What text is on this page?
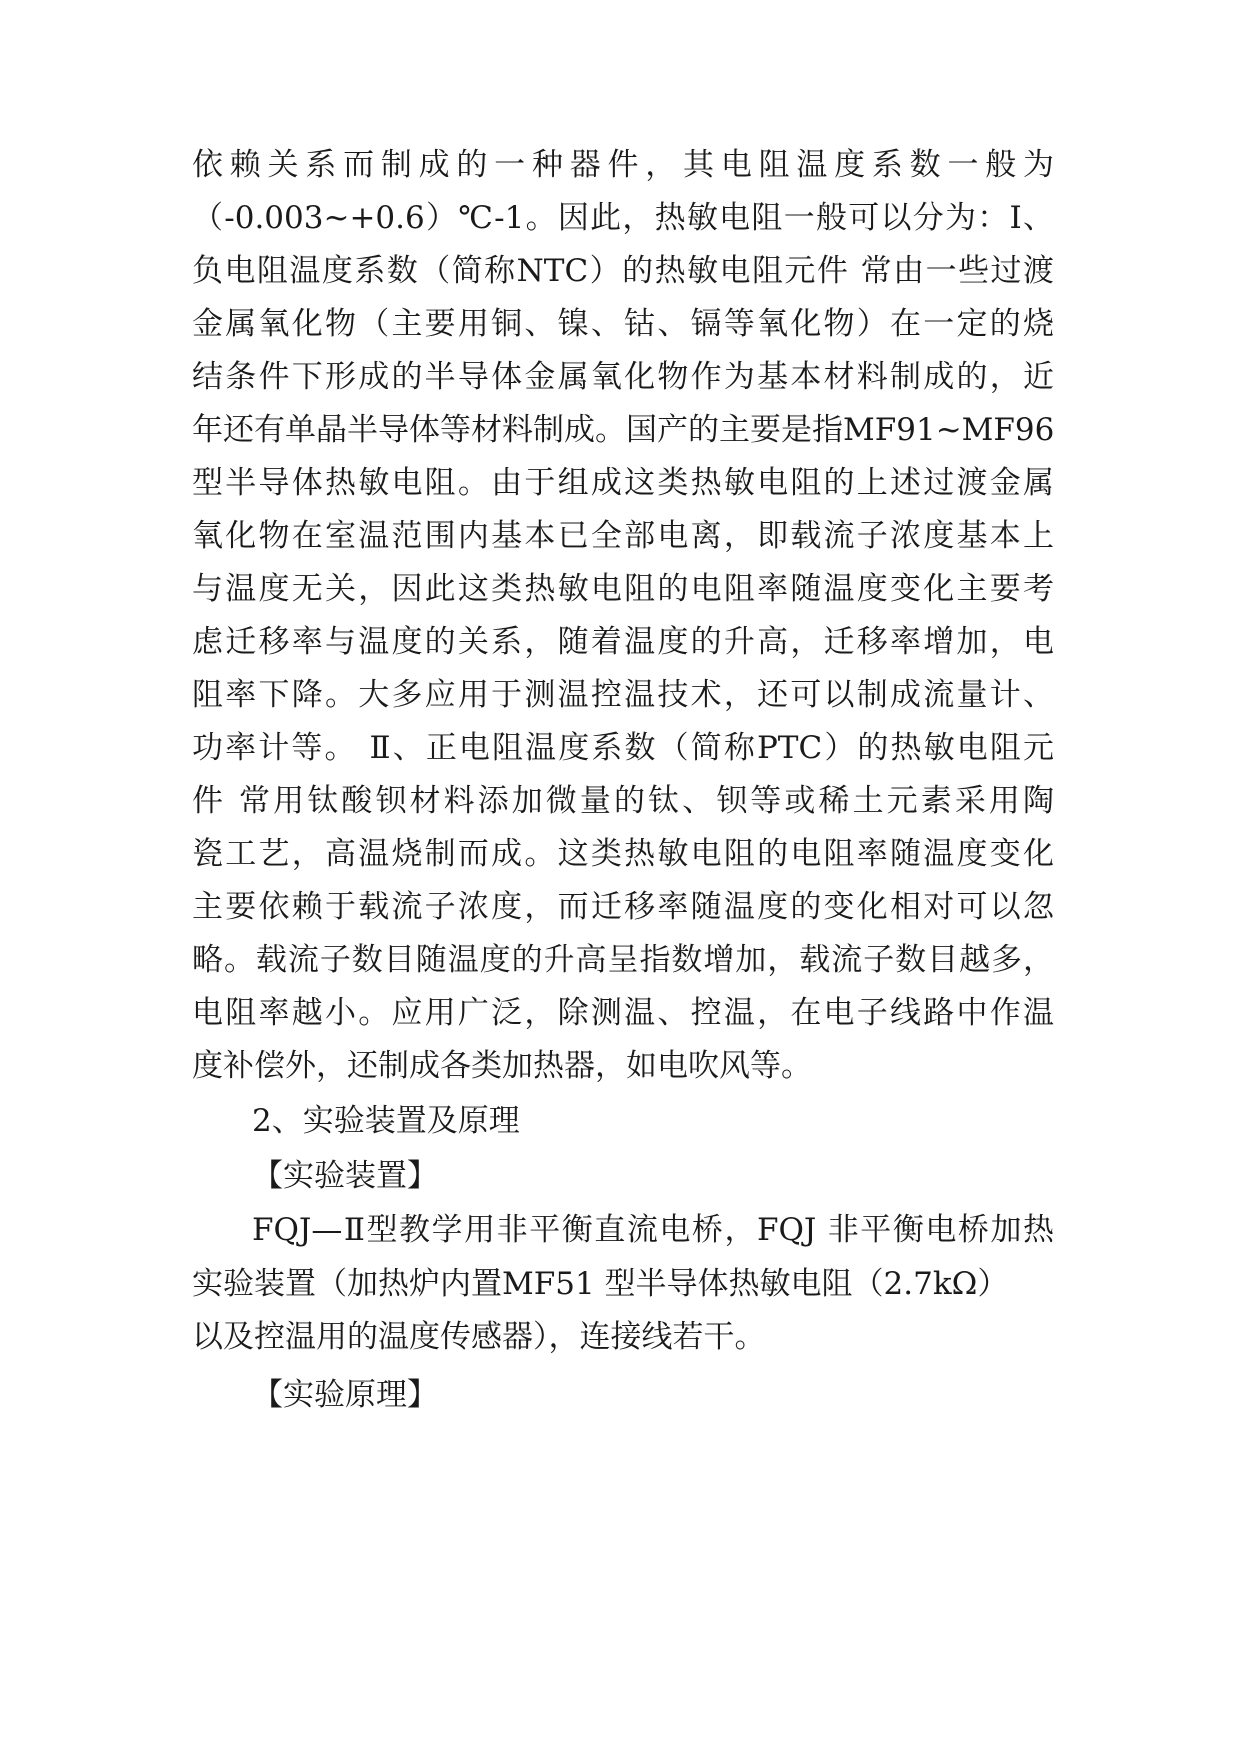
依赖关系而制成的一种器件，其电阻温度系数一般为
（-0.003~+0.6）℃-1。因此，热敏电阻一般可以分为：Ⅰ、
负电阻温度系数（简称NTC）的热敏电阻元件 常由一些过渡
金属氧化物（主要用铜、镍、钴、镉等氧化物）在一定的烧
结条件下形成的半导体金属氧化物作为基本材料制成的，近
年还有单晶半导体等材料制成。国产的主要是指MF91~MF96
型半导体热敏电阻。由于组成这类热敏电阻的上述过渡金属
氧化物在室温范围内基本已全部电离，即载流子浓度基本上
与温度无关，因此这类热敏电阻的电阻率随温度变化主要考
虑迁移率与温度的关系，随着温度的升高，迁移率增加，电
阻率下降。大多应用于测温控温技术，还可以制成流量计、
功率计等。 Ⅱ、正电阻温度系数（简称PTC）的热敏电阻元
件 常用钛酸钡材料添加微量的钛、钡等或稀土元素采用陶
瓷工艺，高温烧制而成。这类热敏电阻的电阻率随温度变化
主要依赖于载流子浓度，而迁移率随温度的变化相对可以忽
略。载流子数目随温度的升高呈指数增加，载流子数目越多，
电阻率越小。应用广泛，除测温、控温，在电子线路中作温
度补偿外，还制成各类加热器，如电吹风等。
2、实验装置及原理
【实验装置】
FQJ—Ⅱ型教学用非平衡直流电桥，FQJ 非平衡电桥加热
实验装置（加热炉内置MF51 型半导体热敏电阻（2.7kΩ）
以及控温用的温度传感器），连接线若干。
【实验原理】
